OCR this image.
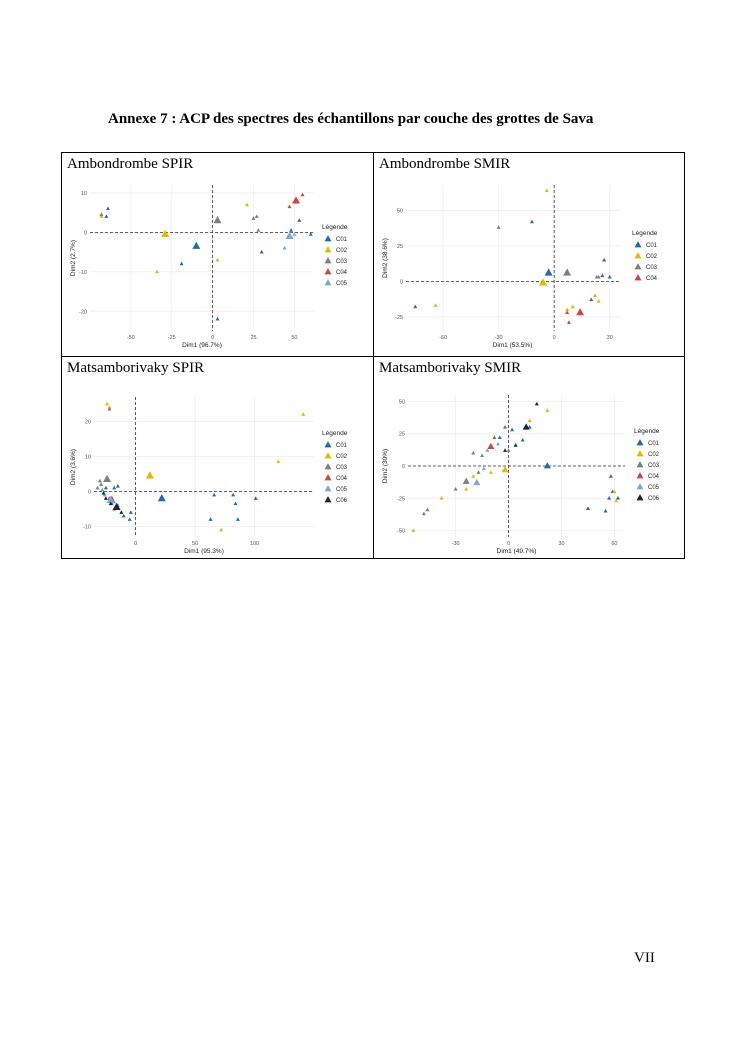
Annexe 7 : ACP des spectres des échantillons par couche des grottes de Sava
-50	-25	0	25	50
-20
-10
0
10
Dim1 (96.7%)
Dim2 (2.7%)
Légende
C01
C02
C03
C04
C05
Ambondrombe SPIR
-60	-30	0	30
-25
0
25
50
Dim1 (53.5%)
Dim2 (38.6%)
Légende
C01
C02
C03
C04
Ambondrombe SMIR
0	50	100
-10
0
10
20
Dim1 (95.3%)
Dim2 (3.6%)
Légende
C01
C02
C03
C04
C05
C06
Matsamborivaky SPIR
-30	0	30	60
-50
-25
0
25
50
Dim1 (49.7%)
Dim2 (30%)
Légende
C01
C02
C03
C04
C05
C06
Matsamborivaky SMIR
VII
